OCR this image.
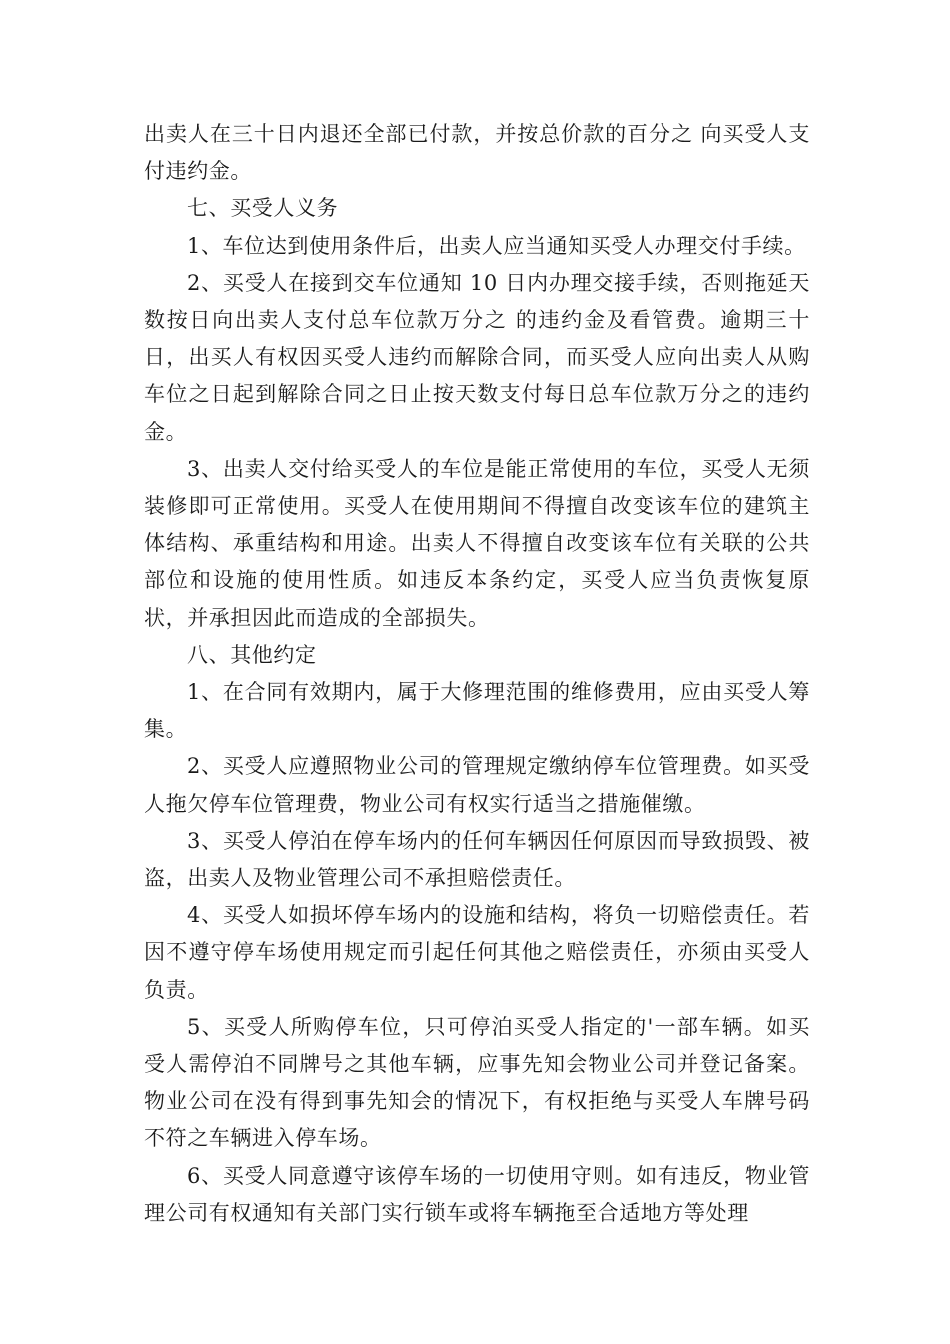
出卖人在三十日内退还全部已付款，并按总价款的百分之 向买受人支付违约金。

七、买受人义务

1、车位达到使用条件后，出卖人应当通知买受人办理交付手续。

2、买受人在接到交车位通知 10 日内办理交接手续，否则拖延天数按日向出卖人支付总车位款万分之 的违约金及看管费。逾期三十日，出买人有权因买受人违约而解除合同，而买受人应向出卖人从购车位之日起到解除合同之日止按天数支付每日总车位款万分之的违约金。

3、出卖人交付给买受人的车位是能正常使用的车位，买受人无须装修即可正常使用。买受人在使用期间不得擅自改变该车位的建筑主体结构、承重结构和用途。出卖人不得擅自改变该车位有关联的公共部位和设施的使用性质。如违反本条约定，买受人应当负责恢复原状，并承担因此而造成的全部损失。

八、其他约定

1、在合同有效期内，属于大修理范围的维修费用，应由买受人筹集。

2、买受人应遵照物业公司的管理规定缴纳停车位管理费。如买受人拖欠停车位管理费，物业公司有权实行适当之措施催缴。

3、买受人停泊在停车场内的任何车辆因任何原因而导致损毁、被盗，出卖人及物业管理公司不承担赔偿责任。

4、买受人如损坏停车场内的设施和结构，将负一切赔偿责任。若因不遵守停车场使用规定而引起任何其他之赔偿责任，亦须由买受人负责。

5、买受人所购停车位，只可停泊买受人指定的'一部车辆。如买受人需停泊不同牌号之其他车辆，应事先知会物业公司并登记备案。物业公司在没有得到事先知会的情况下，有权拒绝与买受人车牌号码不符之车辆进入停车场。

6、买受人同意遵守该停车场的一切使用守则。如有违反，物业管理公司有权通知有关部门实行锁车或将车辆拖至合适地方等处理
